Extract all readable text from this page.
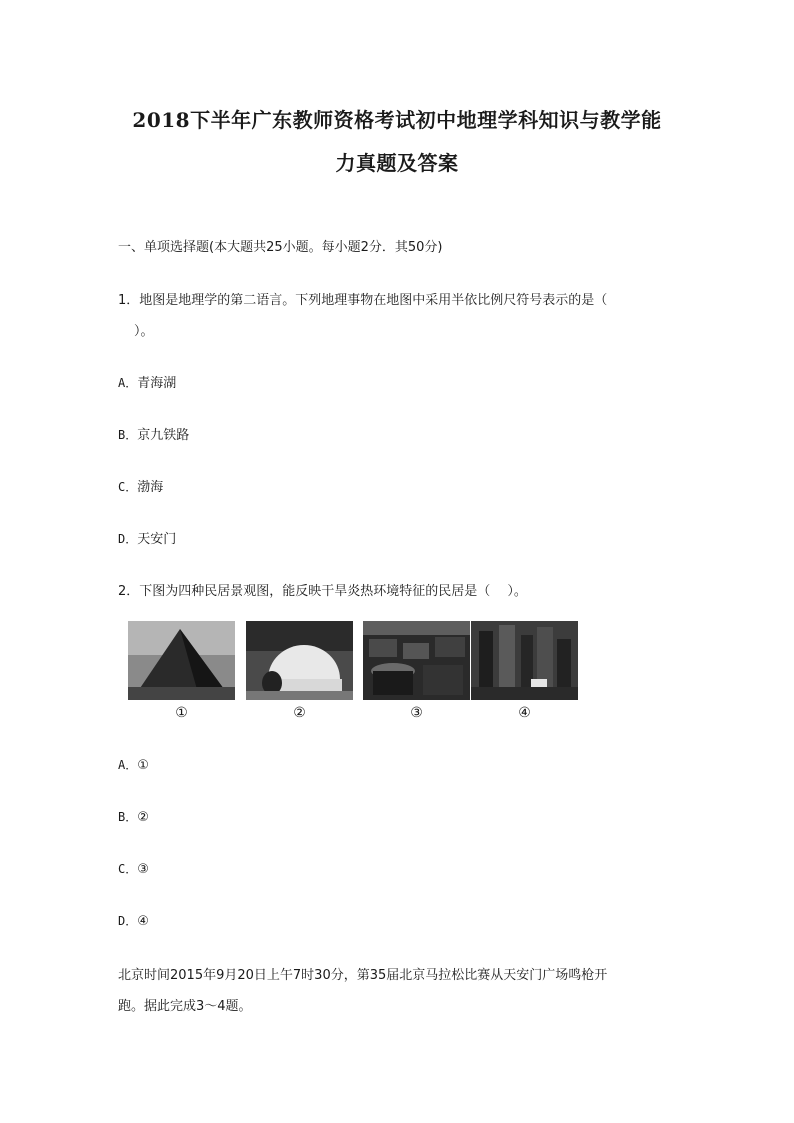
2018下半年广东教师资格考试初中地理学科知识与教学能
力真题及答案
一、单项选择题(本大题共25小题。每小题2分．其50分)
1．地图是地理学的第二语言。下列地理事物在地图中采用半依比例尺符号表示的是（
）。
A．青海湖
B．京九铁路
C．渤海
D．天安门
2．下图为四种民居景观图，能反映干旱炎热环境特征的民居是（　 ）。
①	②	③	④
A．①
B．②
C．③
D．④
北京时间2015年9月20日上午7时30分，第35届北京马拉松比赛从天安门广场鸣枪开
跑。据此完成3～4题。
